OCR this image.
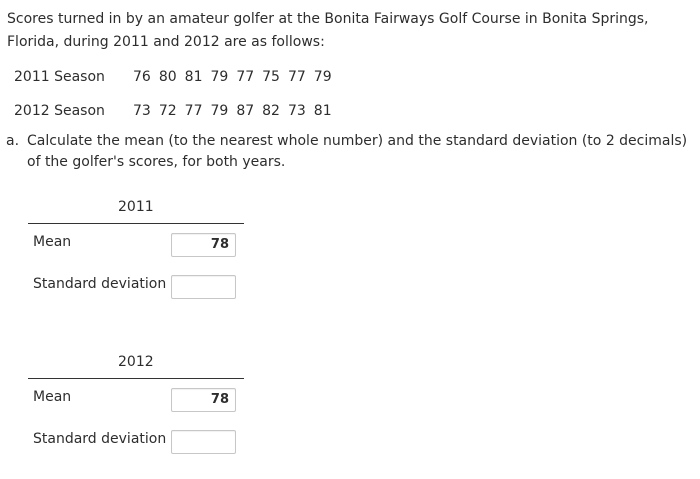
Scores turned in by an amateur golfer at the Bonita Fairways Golf Course in Bonita Springs, Florida, during 2011 and 2012 are as follows:

2011 Season 76 80 81 79 77 75 77 79
2012 Season 73 72 77 79 87 82 73 81
a. Calculate the mean (to the nearest whole number) and the standard deviation (to 2 decimals) of the golfer's scores, for both years.
2011
Mean	78
Standard deviation
2012
Mean	78
Standard deviation
